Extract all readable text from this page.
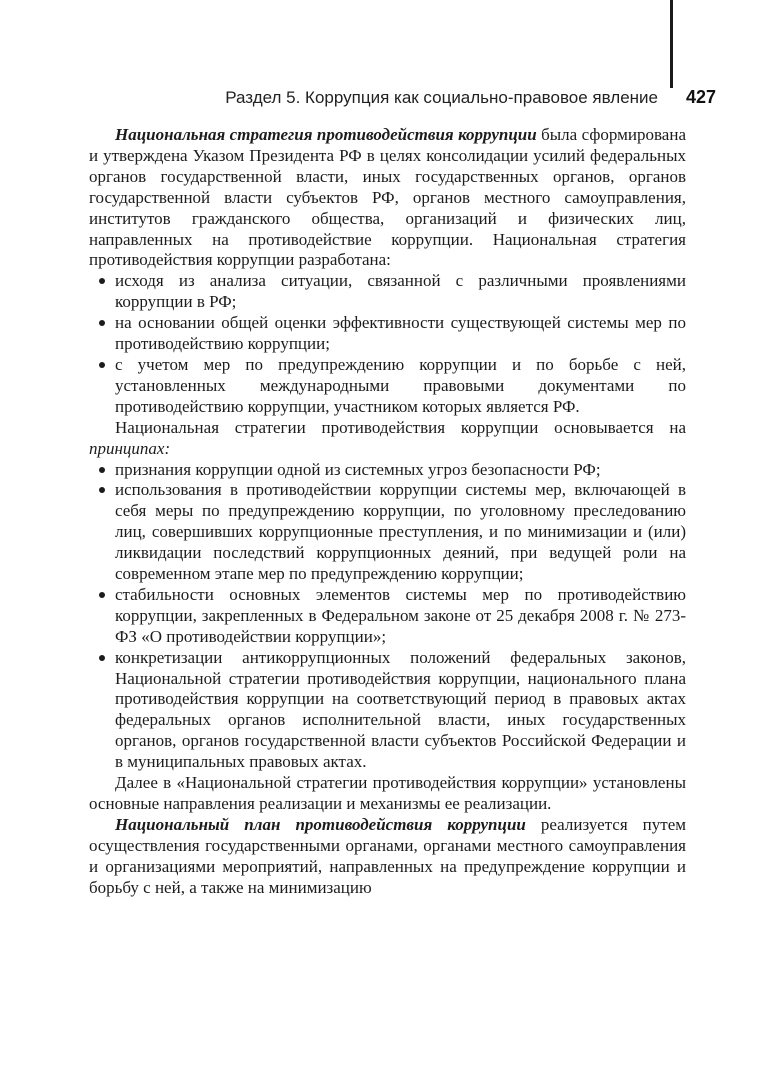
Раздел 5. Коррупция как социально-правовое явление 427

Национальная стратегия противодействия коррупции была сформирована и утверждена Указом Президента РФ в целях консолидации усилий федеральных органов государственной власти, иных государственных органов, органов государственной власти субъектов РФ, органов местного самоуправления, институтов гражданского общества, организаций и физических лиц, направленных на противодействие коррупции. Национальная стратегия противодействия коррупции разработана:

исходя из анализа ситуации, связанной с различными проявлениями коррупции в РФ;
на основании общей оценки эффективности существующей системы мер по противодействию коррупции;
с учетом мер по предупреждению коррупции и по борьбе с ней, установленных международными правовыми документами по противодействию коррупции, участником которых является РФ.

Национальная стратегии противодействия коррупции основывается на принципах:

признания коррупции одной из системных угроз безопасности РФ;
использования в противодействии коррупции системы мер, включающей в себя меры по предупреждению коррупции, по уголовному преследованию лиц, совершивших коррупционные преступления, и по минимизации и (или) ликвидации последствий коррупционных деяний, при ведущей роли на современном этапе мер по предупреждению коррупции;
стабильности основных элементов системы мер по противодействию коррупции, закрепленных в Федеральном законе от 25 декабря 2008 г. № 273-ФЗ «О противодействии коррупции»;
конкретизации антикоррупционных положений федеральных законов, Национальной стратегии противодействия коррупции, национального плана противодействия коррупции на соответствующий период в правовых актах федеральных органов исполнительной власти, иных государственных органов, органов государственной власти субъектов Российской Федерации и в муниципальных правовых актах.

Далее в «Национальной стратегии противодействия коррупции» установлены основные направления реализации и механизмы ее реализации.

Национальный план противодействия коррупции реализуется путем осуществления государственными органами, органами местного самоуправления и организациями мероприятий, направленных на предупреждение коррупции и борьбу с ней, а также на минимизацию
